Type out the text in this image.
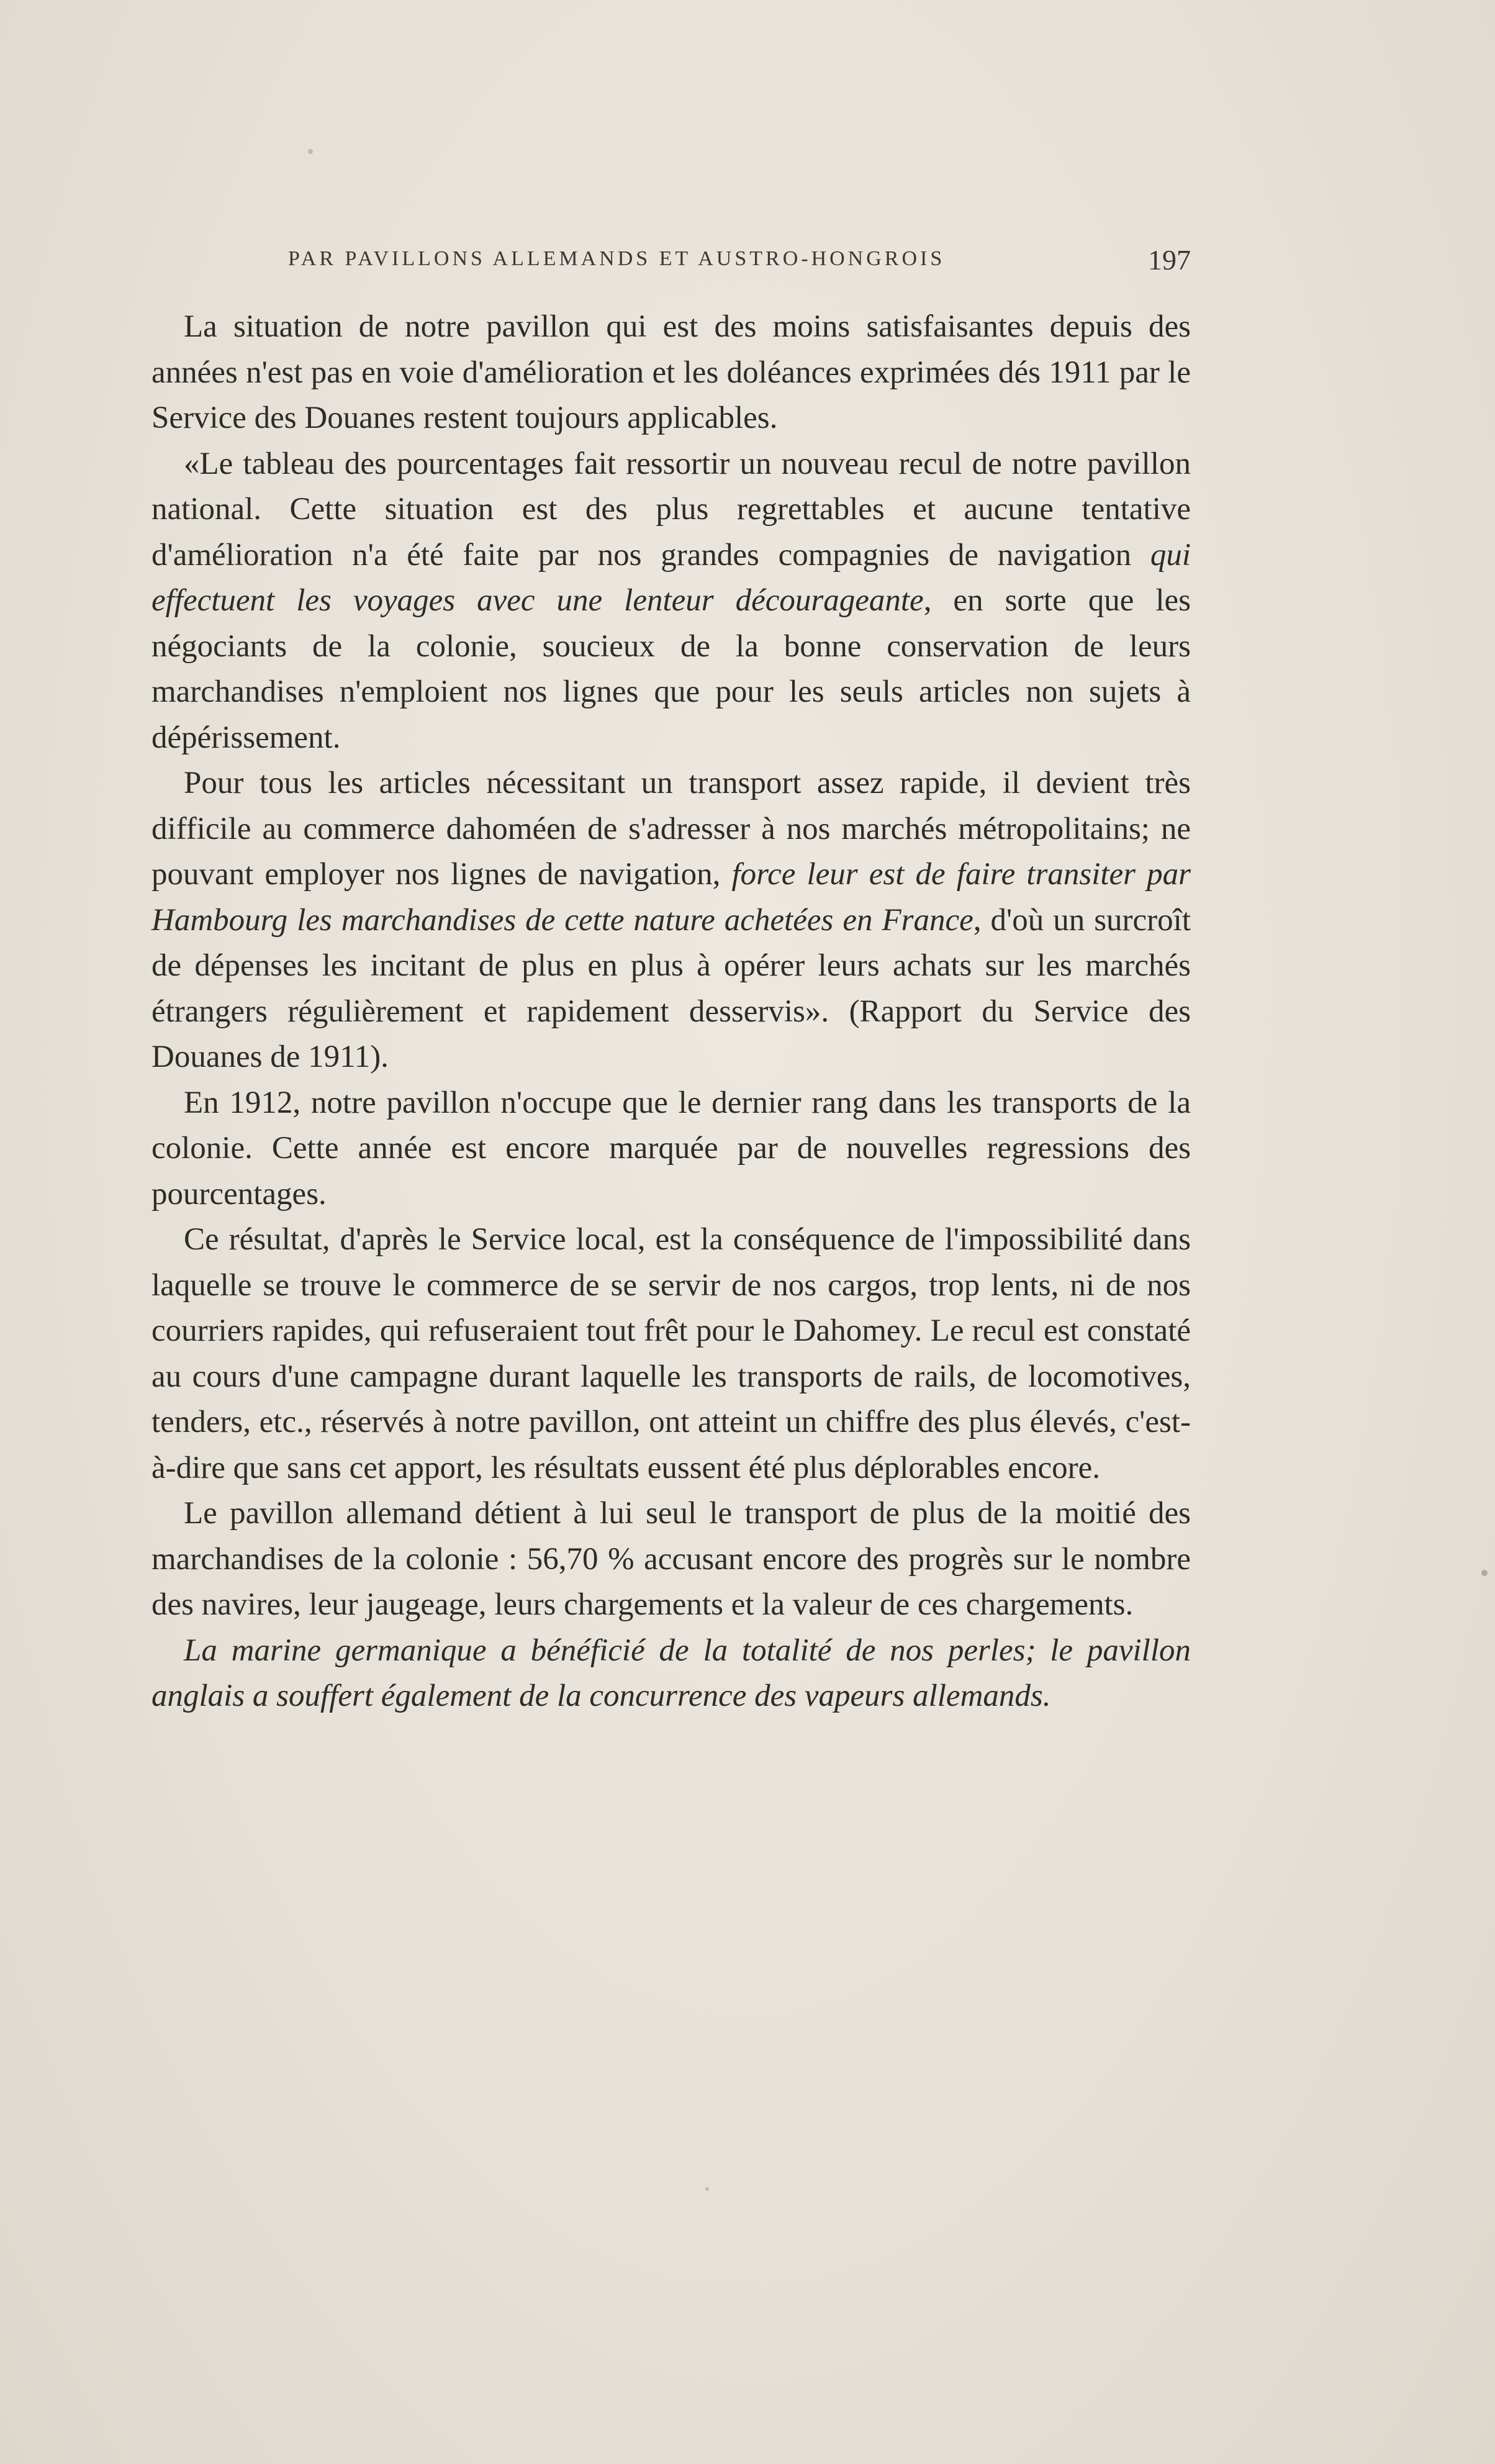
PAR PAVILLONS ALLEMANDS ET AUSTRO-HONGROIS	197

La situation de notre pavillon qui est des moins satisfaisantes depuis des années n'est pas en voie d'amélioration et les doléances exprimées dés 1911 par le Service des Douanes restent toujours applicables.

«Le tableau des pourcentages fait ressortir un nouveau recul de notre pavillon national. Cette situation est des plus regrettables et aucune tentative d'amélioration n'a été faite par nos grandes compagnies de navigation qui effectuent les voyages avec une lenteur décourageante, en sorte que les négociants de la colonie, soucieux de la bonne conservation de leurs marchandises n'emploient nos lignes que pour les seuls articles non sujets à dépérissement.

Pour tous les articles nécessitant un transport assez rapide, il devient très difficile au commerce dahoméen de s'adresser à nos marchés métropolitains; ne pouvant employer nos lignes de navigation, force leur est de faire transiter par Hambourg les marchandises de cette nature achetées en France, d'où un surcroît de dépenses les incitant de plus en plus à opérer leurs achats sur les marchés étrangers régulièrement et rapidement desservis». (Rapport du Service des Douanes de 1911).

En 1912, notre pavillon n'occupe que le dernier rang dans les transports de la colonie. Cette année est encore marquée par de nouvelles regressions des pourcentages.

Ce résultat, d'après le Service local, est la conséquence de l'impossibilité dans laquelle se trouve le commerce de se servir de nos cargos, trop lents, ni de nos courriers rapides, qui refuseraient tout frêt pour le Dahomey. Le recul est constaté au cours d'une campagne durant laquelle les transports de rails, de locomotives, tenders, etc., réservés à notre pavillon, ont atteint un chiffre des plus élevés, c'est-à-dire que sans cet apport, les résultats eussent été plus déplorables encore.

Le pavillon allemand détient à lui seul le transport de plus de la moitié des marchandises de la colonie : 56,70 % accusant encore des progrès sur le nombre des navires, leur jaugeage, leurs chargements et la valeur de ces chargements.

La marine germanique a bénéficié de la totalité de nos perles; le pavillon anglais a souffert également de la concurrence des vapeurs allemands.
